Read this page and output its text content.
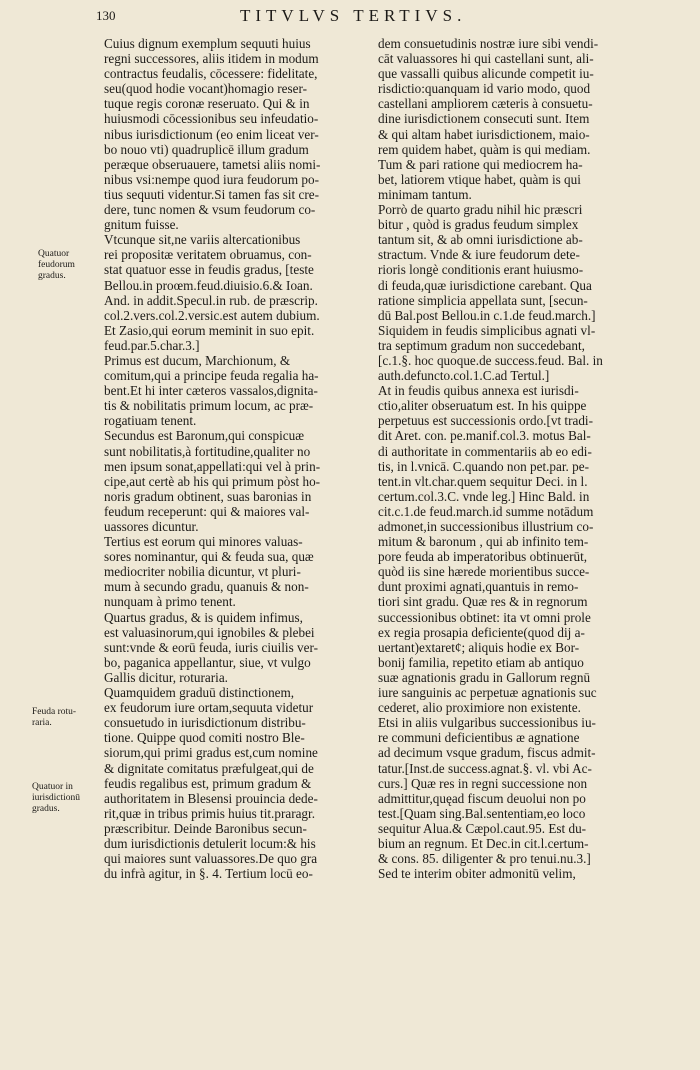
130	TITVLVS TERTIVS.
Quatuor
feudorum
gradus.
Feuda rotu-
raria.
Quatuor in
iurisdictionū
gradus.
Cuius dignum exemplum sequuti huius
regni successores, aliis itidem in modum
contractus feudalis, cōcessere: fidelitate,
seu(quod hodie vocant)homagio reser-
tuque regis coronæ reseruato. Qui & in
huiusmodi cōcessionibus seu infeudatio-
nibus iurisdictionum (eo enim liceat ver-
bo nouo vti) quadruplicē illum gradum
peræque obseruauere, tametsi aliis nomi-
nibus vsi:nempe quod iura feudorum po-
tius sequuti videntur.Si tamen fas sit cre-
dere, tunc nomen & vsum feudorum co-
gnitum fuisse.
Vtcunque sit,ne variis altercationibus
rei propositæ veritatem obruamus, con-
stat quatuor esse in feudis gradus, [teste
Bellou.in proœm.feud.diuisio.6.& Ioan.
And. in addit.Specul.in rub. de præscrip.
col.2.vers.col.2.versic.est autem dubium.
Et Zasio,qui eorum meminit in suo epit.
feud.par.5.char.3.]
Primus est ducum, Marchionum, &
comitum,qui a principe feuda regalia ha-
bent.Et hi inter cæteros vassalos,dignita-
tis & nobilitatis primum locum, ac præ-
rogatiuam tenent.
Secundus est Baronum,qui conspicuæ
sunt nobilitatis,à fortitudine,qualiter no
men ipsum sonat,appellati:qui vel à prin-
cipe,aut certè ab his qui primum pòst ho-
noris gradum obtinent, suas baronias in
feudum receperunt: qui & maiores val-
uassores dicuntur.
Tertius est eorum qui minores valuas-
sores nominantur, qui & feuda sua, quæ
mediocriter nobilia dicuntur, vt pluri-
mum à secundo gradu, quanuis & non-
nunquam à primo tenent.
Quartus gradus, & is quidem infimus,
est valuasinorum,qui ignobiles & plebei
sunt:vnde & eorū feuda, iuris ciuilis ver-
bo, paganica appellantur, siue, vt vulgo
Gallis dicitur, roturaria.
Quamquidem graduū distinctionem,
ex feudorum iure ortam,sequuta videtur
consuetudo in iurisdictionum distribu-
tione. Quippe quod comiti nostro Ble-
siorum,qui primi gradus est,cum nomine
& dignitate comitatus præfulgeat,qui de
feudis regalibus est, primum gradum &
authoritatem in Blesensi prouincia dede-
rit,quæ in tribus primis huius tit.praragr.
præscribitur. Deinde Baronibus secun-
dum iurisdictionis detulerit locum:& his
qui maiores sunt valuassores.De quo gra
du infrà agitur, in §. 4. Tertium locū eo-
dem consuetudinis nostræ iure sibi vendi-
cāt valuassores hi qui castellani sunt, ali-
que vassalli quibus alicunde competit iu-
risdictio:quanquam id vario modo, quod
castellani ampliorem cæteris à consuetu-
dine iurisdictionem consecuti sunt. Item
& qui altam habet iurisdictionem, maio-
rem quidem habet, quàm is qui mediam.
Tum & pari ratione qui mediocrem ha-
bet, latiorem vtique habet, quàm is qui
minimam tantum.
Porrò de quarto gradu nihil hic præscri
bitur , quòd is gradus feudum simplex
tantum sit, & ab omni iurisdictione ab-
stractum. Vnde & iure feudorum dete-
rioris longè conditionis erant huiusmo-
di feuda,quæ iurisdictione carebant. Qua
ratione simplicia appellata sunt, [secun-
dū Bal.post Bellou.in c.1.de feud.march.]
Siquidem in feudis simplicibus agnati vl-
tra septimum gradum non succedebant,
[c.1.§. hoc quoque.de success.feud. Bal. in
auth.defuncto.col.1.C.ad Tertul.]
At in feudis quibus annexa est iurisdi-
ctio,aliter obseruatum est. In his quippe
perpetuus est successionis ordo.[vt tradi-
dit Aret. con. pe.manif.col.3. motus Bal-
di authoritate in commentariis ab eo edi-
tis, in l.vnicā. C.quando non pet.par. pe-
tent.in vlt.char.quem sequitur Deci. in l.
certum.col.3.C. vnde leg.] Hinc Bald. in
cit.c.1.de feud.march.id summe notādum
admonet,in successionibus illustrium co-
mitum & baronum , qui ab infinito tem-
pore feuda ab imperatoribus obtinuerūt,
quòd iis sine hærede morientibus succe-
dunt proximi agnati,quantuis in remo-
tiori sint gradu. Quæ res & in regnorum
successionibus obtinet: ita vt omni prole
ex regia prosapia deficiente(quod dij a-
uertant)extaret¢; aliquis hodie ex Bor-
bonij familia, repetito etiam ab antiquo
suæ agnationis gradu in Gallorum regnū
iure sanguinis ac perpetuæ agnationis suc
cederet, alio proximiore non existente.
Etsi in aliis vulgaribus successionibus iu-
re communi deficientibus æ agnatione
ad decimum vsque gradum, fiscus admit-
tatur.[Inst.de success.agnat.§. vl. vbi Ac-
curs.] Quæ res in regni successione non
admittitur,quęad fiscum deuolui non po
test.[Quam sing.Bal.sententiam,eo loco
sequitur Alua.& Cæpol.caut.95. Est du-
bium an regnum. Et Dec.in cit.l.certum-
& cons. 85. diligenter & pro tenui.nu.3.]
Sed te interim obiter admonitū velim,
